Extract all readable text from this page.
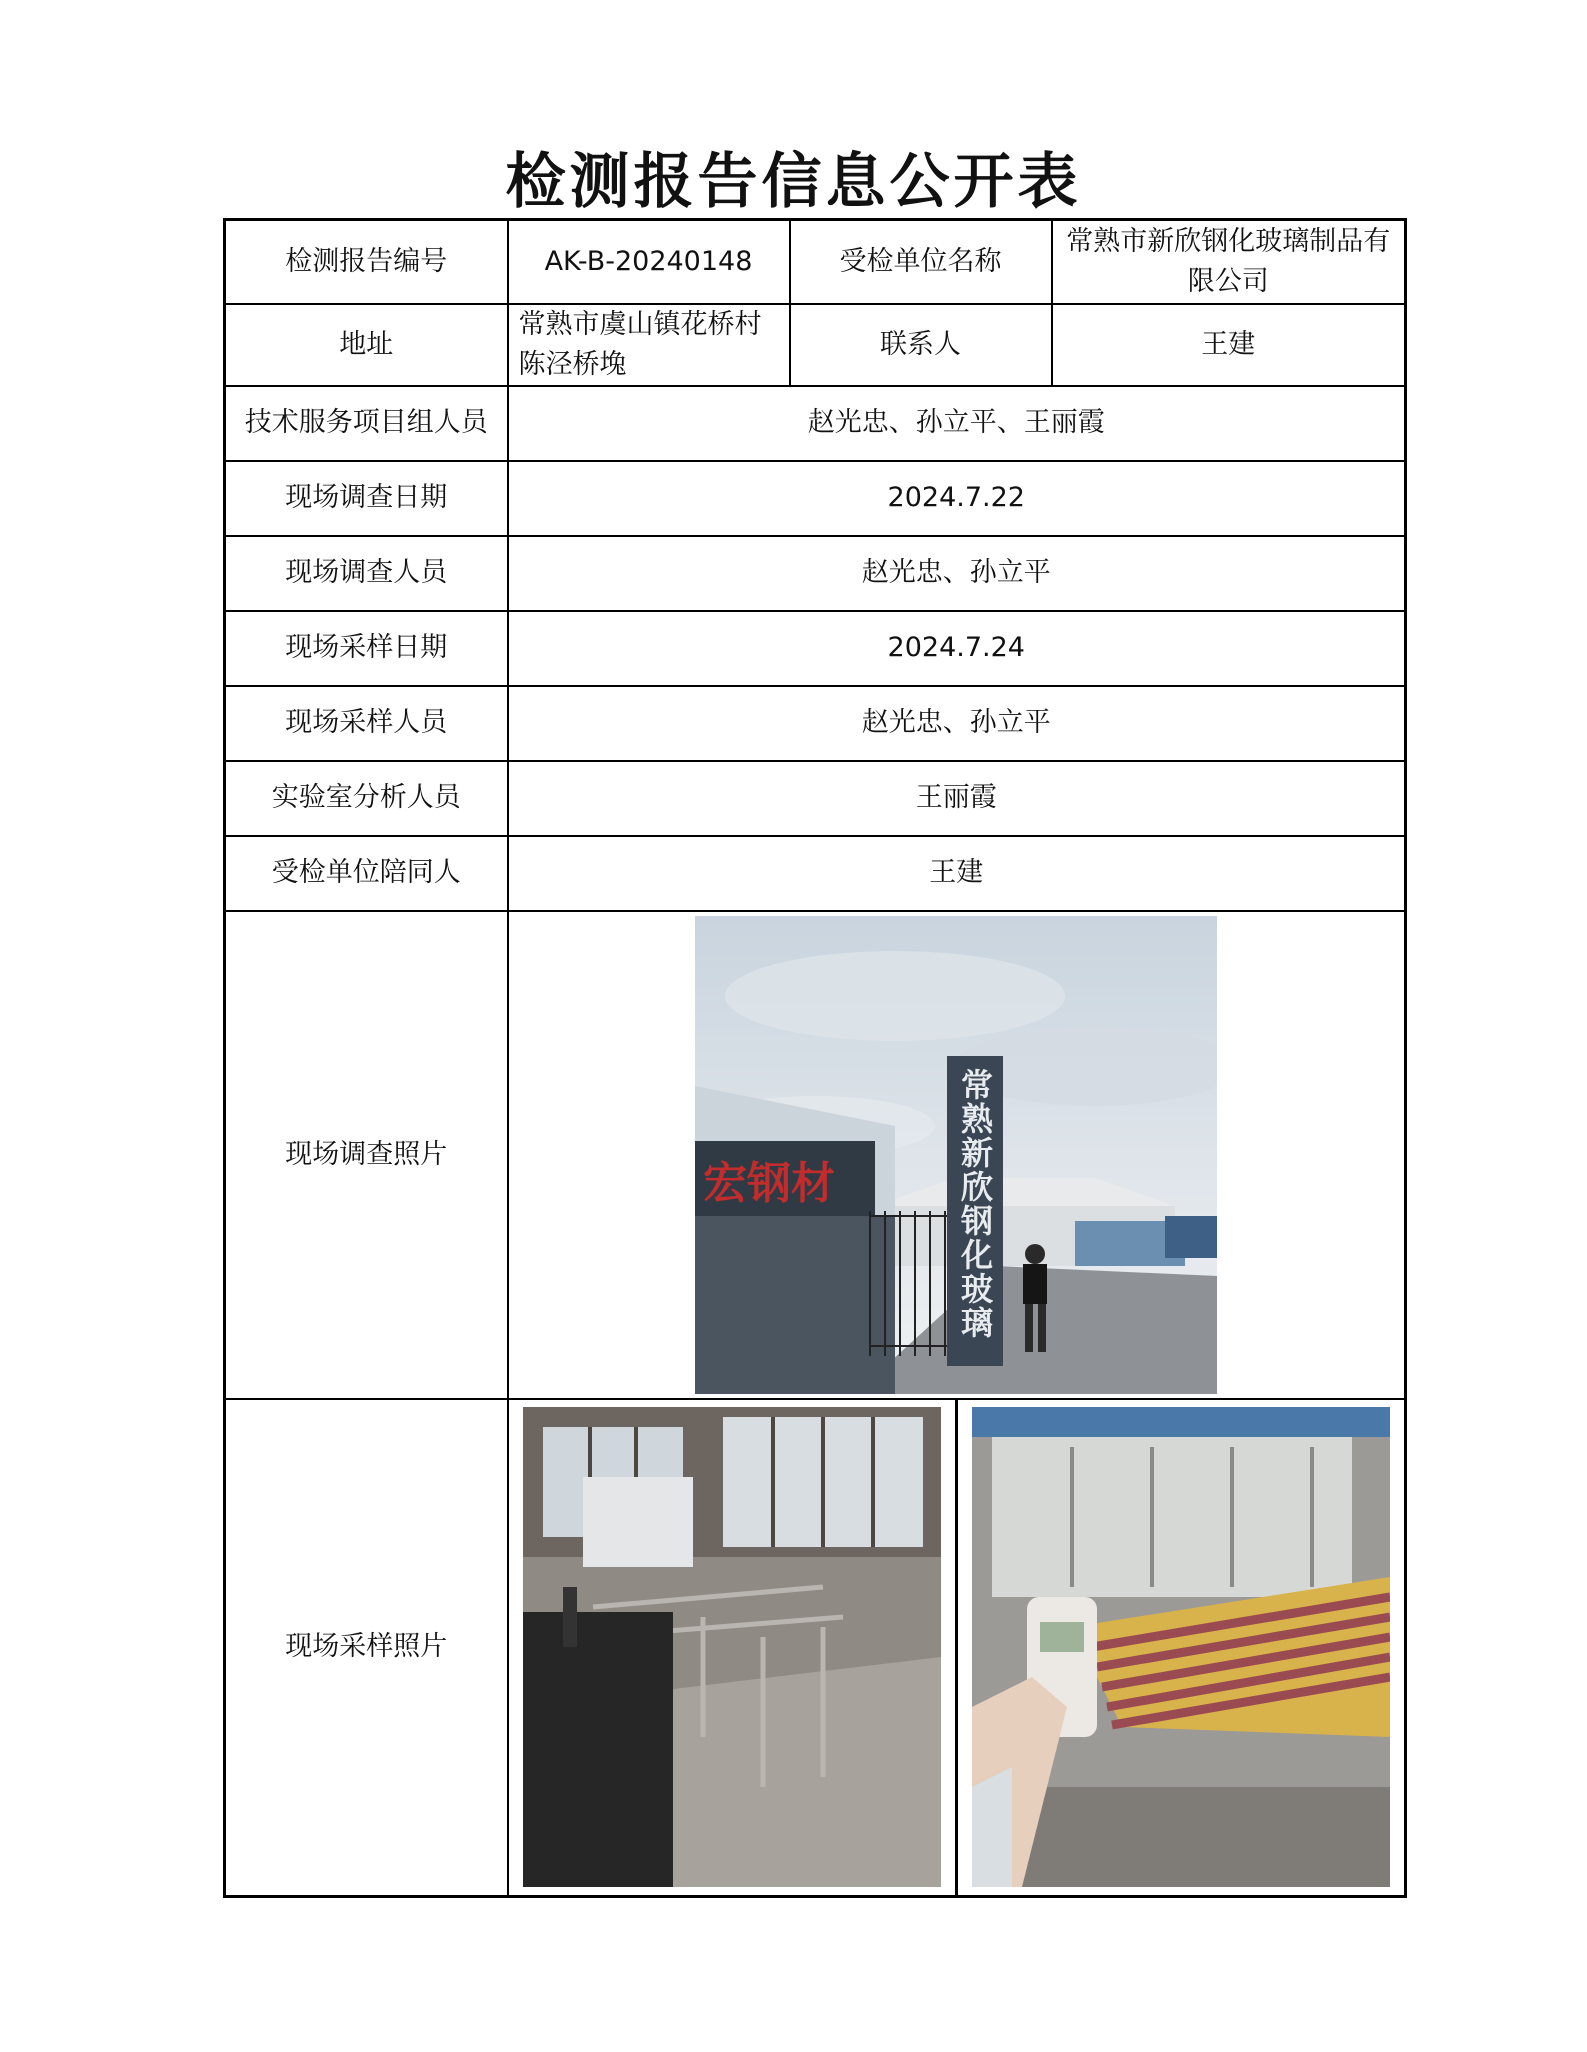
检测报告信息公开表
检测报告编号	AK-B-20240148	受检单位名称	常熟市新欣钢化玻璃制品有限公司
地址	常熟市虞山镇花桥村陈泾桥堍	联系人	王建
技术服务项目组人员	赵光忠、孙立平、王丽霞		
现场调查日期	2024.7.22		
现场调查人员	赵光忠、孙立平		
现场采样日期	2024.7.24		
现场采样人员	赵光忠、孙立平		
实验室分析人员	王丽霞		
受检单位陪同人	王建		
现场调查照片	宏钢材 常熟新欣钢化玻璃		

现场采样照片	
